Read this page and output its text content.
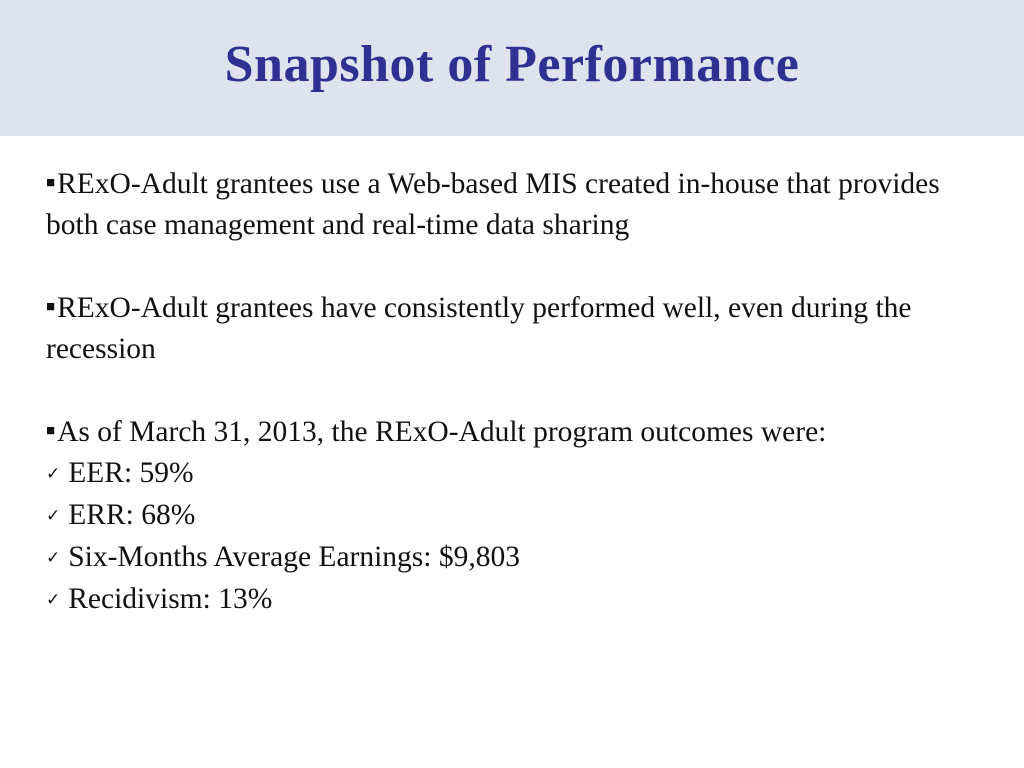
Snapshot of Performance

■RExO-Adult grantees use a Web-based MIS created in-house that provides both case management and real-time data sharing

■RExO-Adult grantees have consistently performed well, even during the recession

■As of March 31, 2013, the RExO-Adult program outcomes were:

✓ EER: 59%
✓ ERR: 68%
✓ Six-Months Average Earnings: $9,803
✓ Recidivism: 13%
